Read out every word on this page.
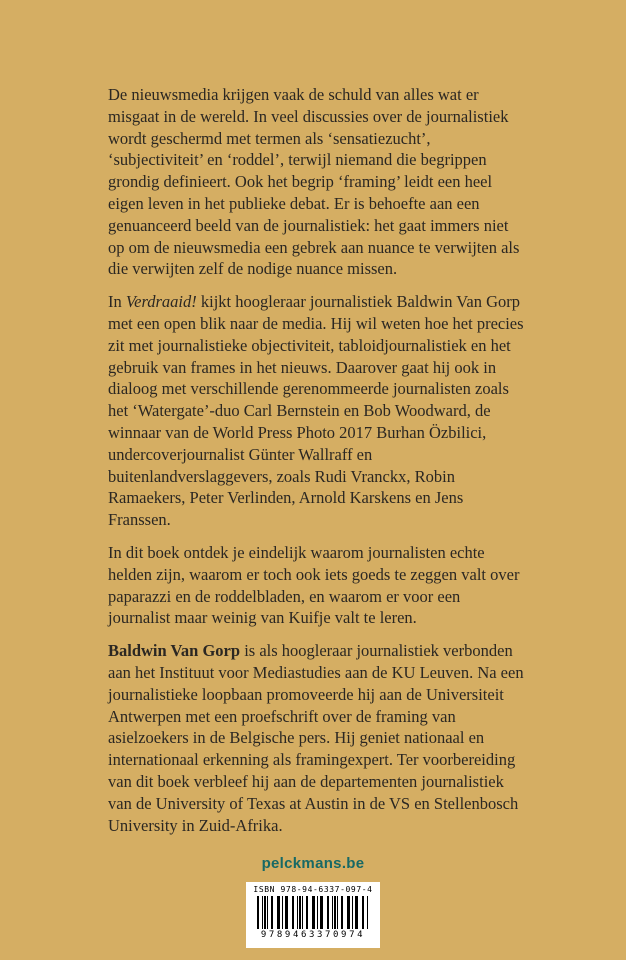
De nieuwsmedia krijgen vaak de schuld van alles wat er misgaat in de wereld. In veel discussies over de journalistiek wordt geschermd met termen als ‘sensatiezucht’, ‘subjectiviteit’ en ‘roddel’, terwijl niemand die begrippen grondig definieert. Ook het begrip ‘framing’ leidt een heel eigen leven in het publieke debat. Er is behoefte aan een genuanceerd beeld van de journalistiek: het gaat immers niet op om de nieuwsmedia een gebrek aan nuance te verwijten als die verwijten zelf de nodige nuance missen.

In Verdraaid! kijkt hoogleraar journalistiek Baldwin Van Gorp met een open blik naar de media. Hij wil weten hoe het precies zit met journalistieke objectiviteit, tabloidjournalistiek en het gebruik van frames in het nieuws. Daarover gaat hij ook in dialoog met verschillende gerenommeerde journalisten zoals het ‘Watergate’-duo Carl Bernstein en Bob Woodward, de winnaar van de World Press Photo 2017 Burhan Özbilici, undercoverjournalist Günter Wallraff en buitenlandverslaggevers, zoals Rudi Vranckx, Robin Ramaekers, Peter Verlinden, Arnold Karskens en Jens Franssen.

In dit boek ontdek je eindelijk waarom journalisten echte helden zijn, waarom er toch ook iets goeds te zeggen valt over paparazzi en de roddelbladen, en waarom er voor een journalist maar weinig van Kuifje valt te leren.

Baldwin Van Gorp is als hoogleraar journalistiek verbonden aan het Instituut voor Mediastudies aan de KU Leuven. Na een journalistieke loopbaan promoveerde hij aan de Universiteit Antwerpen met een proefschrift over de framing van asielzoekers in de Belgische pers. Hij geniet nationaal en internationaal erkenning als framingexpert. Ter voorbereiding van dit boek verbleef hij aan de departementen journalistiek van de University of Texas at Austin in de VS en Stellenbosch University in Zuid-Afrika.

pelckmans.be
ISBN 978-94-6337-097-4
9789463370974
